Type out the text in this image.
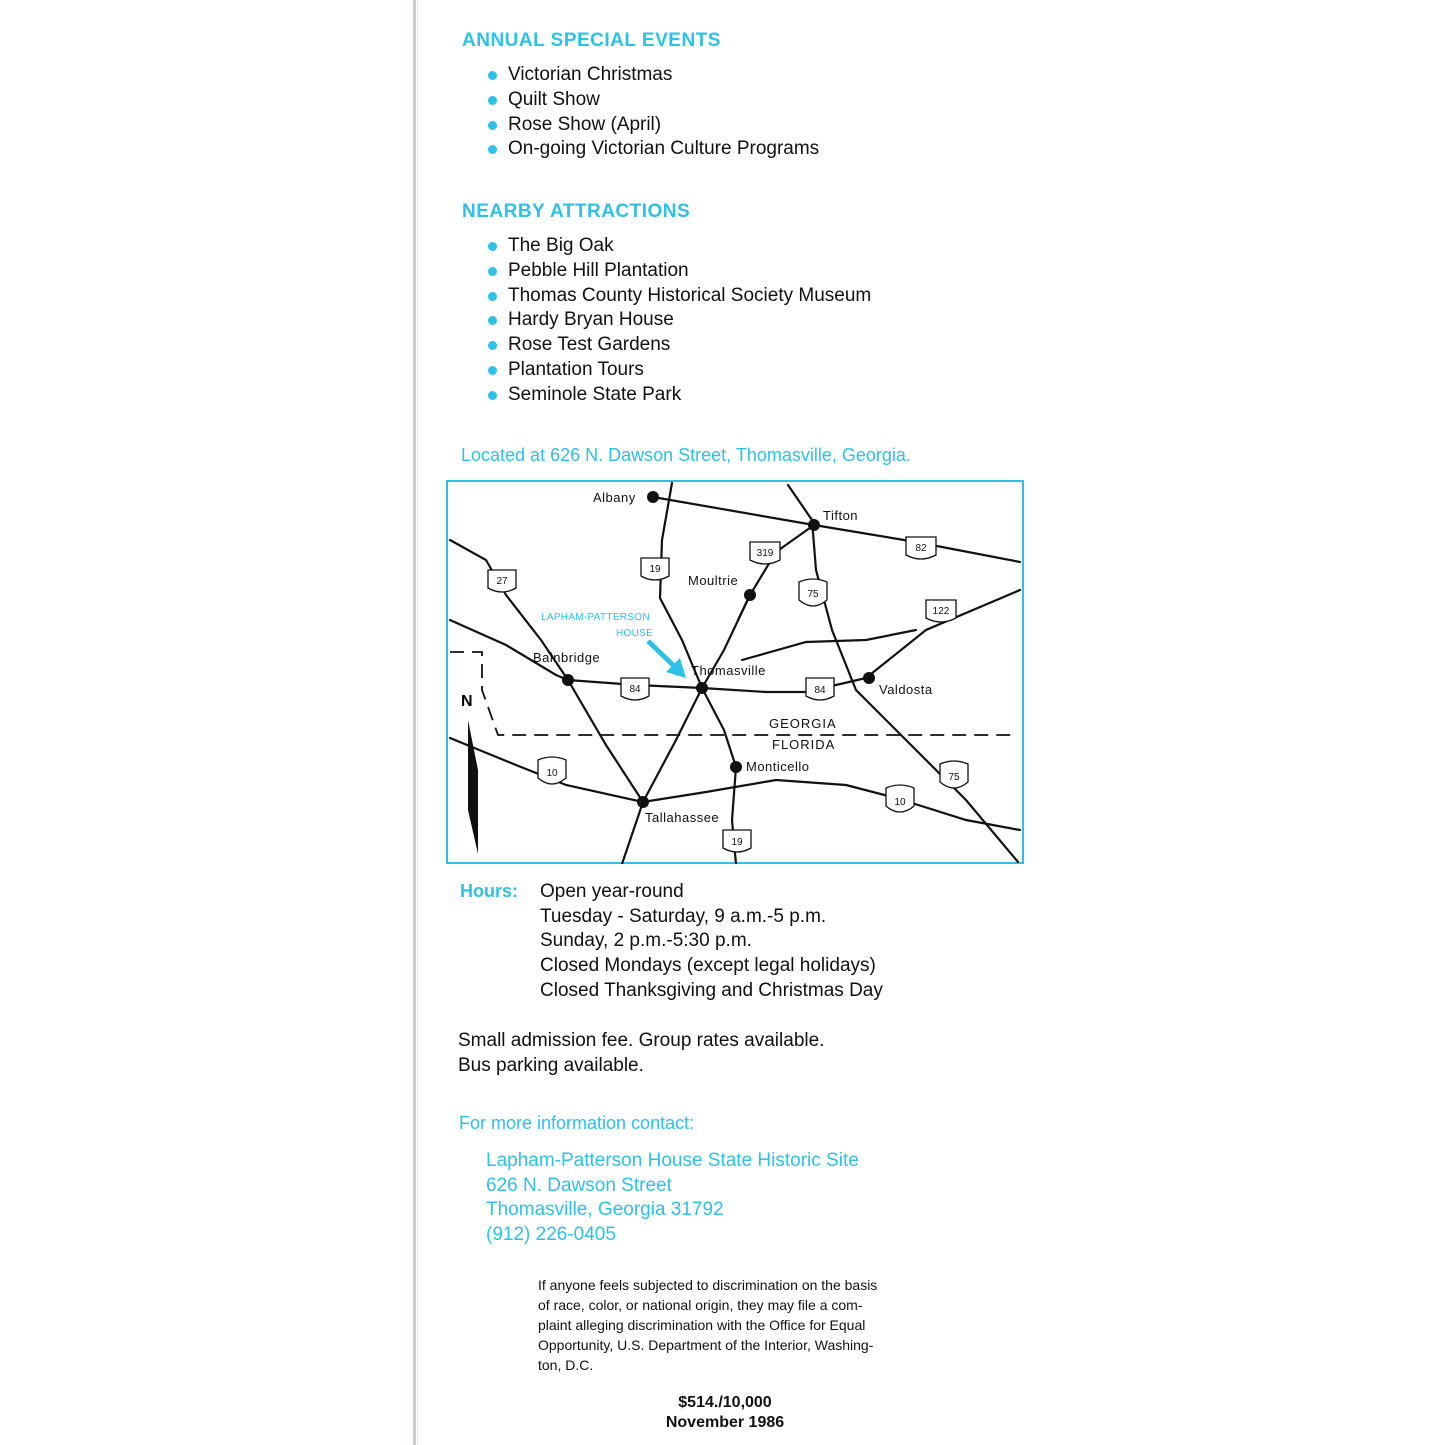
ANNUAL SPECIAL EVENTS
Victorian Christmas
Quilt Show
Rose Show (April)
On-going Victorian Culture Programs
NEARBY ATTRACTIONS
The Big Oak
Pebble Hill Plantation
Thomas County Historical Society Museum
Hardy Bryan House
Rose Test Gardens
Plantation Tours
Seminole State Park
Located at 626 N. Dawson Street, Thomasville, Georgia.
N
Albany
Tifton
Moultrie
Bainbridge
Thomasville
Valdosta
Monticello
Tallahassee
GEORGIA
FLORIDA
LAPHAM-PATTERSON
HOUSE
82
319
19
27
75
122
84	84
10
10
75
19
Hours: Open year-round
Tuesday - Saturday, 9 a.m.-5 p.m.
Sunday, 2 p.m.-5:30 p.m.
Closed Mondays (except legal holidays)
Closed Thanksgiving and Christmas Day
Small admission fee. Group rates available.
Bus parking available.
For more information contact:
Lapham-Patterson House State Historic Site
626 N. Dawson Street
Thomasville, Georgia 31792
(912) 226-0405

If anyone feels subjected to discrimination on the basis

of race, color, or national origin, they may file a com-

plaint alleging discrimination with the Office for Equal

Opportunity, U.S. Department of the Interior, Washing-

ton, D.C.

$514./10,000
November 1986
